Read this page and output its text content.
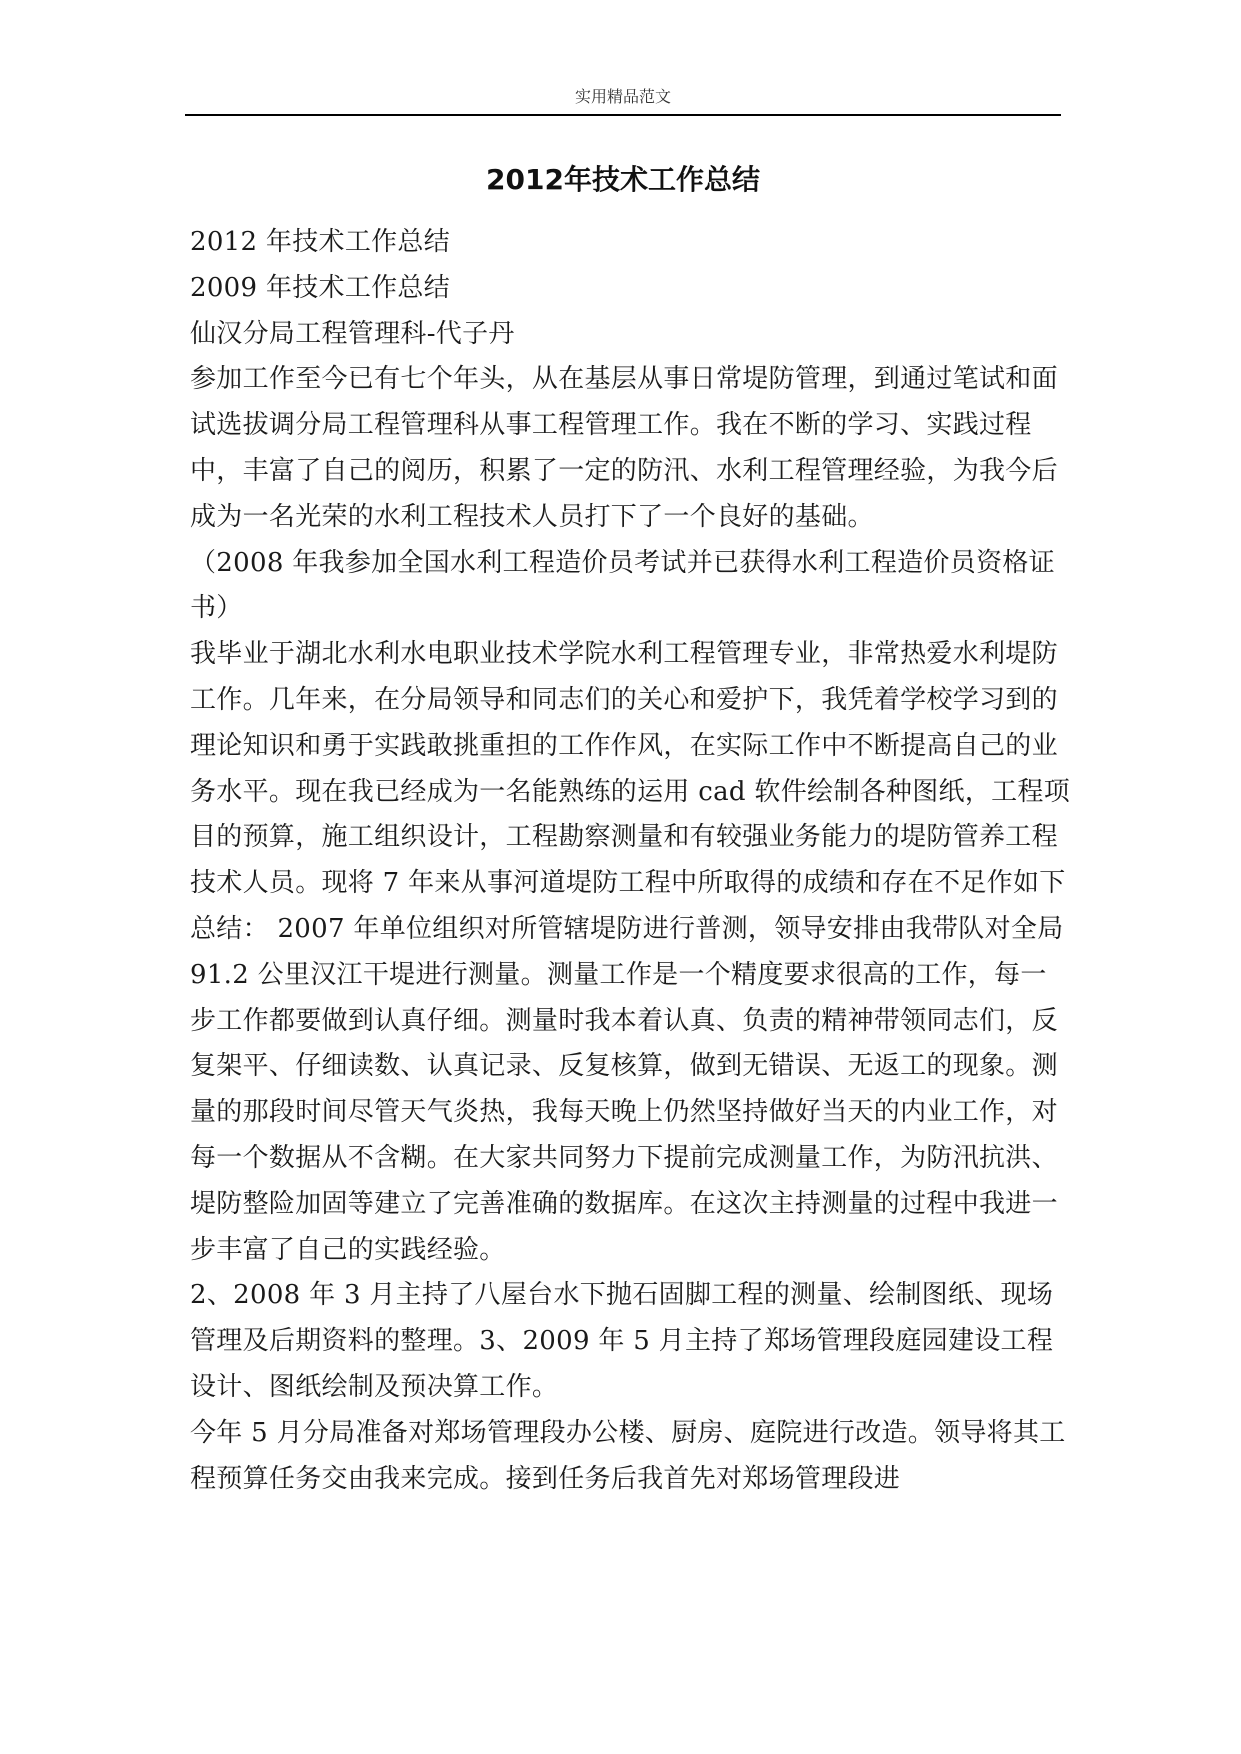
实用精品范文
2012年技术工作总结

2012 年技术工作总结

2009 年技术工作总结

仙汉分局工程管理科-代子丹

参加工作至今已有七个年头，从在基层从事日常堤防管理，到通过笔试和面试选拔调分局工程管理科从事工程管理工作。我在不断的学习、实践过程中，丰富了自己的阅历，积累了一定的防汛、水利工程管理经验，为我今后成为一名光荣的水利工程技术人员打下了一个良好的基础。

（2008 年我参加全国水利工程造价员考试并已获得水利工程造价员资格证书）

我毕业于湖北水利水电职业技术学院水利工程管理专业，非常热爱水利堤防工作。几年来，在分局领导和同志们的关心和爱护下，我凭着学校学习到的理论知识和勇于实践敢挑重担的工作作风，在实际工作中不断提高自己的业务水平。现在我已经成为一名能熟练的运用 cad 软件绘制各种图纸，工程项目的预算，施工组织设计，工程勘察测量和有较强业务能力的堤防管养工程技术人员。现将 7 年来从事河道堤防工程中所取得的成绩和存在不足作如下总结： 2007 年单位组织对所管辖堤防进行普测，领导安排由我带队对全局 91.2 公里汉江干堤进行测量。测量工作是一个精度要求很高的工作，每一步工作都要做到认真仔细。测量时我本着认真、负责的精神带领同志们，反复架平、仔细读数、认真记录、反复核算，做到无错误、无返工的现象。测量的那段时间尽管天气炎热，我每天晚上仍然坚持做好当天的内业工作，对每一个数据从不含糊。在大家共同努力下提前完成测量工作，为防汛抗洪、堤防整险加固等建立了完善准确的数据库。在这次主持测量的过程中我进一步丰富了自己的实践经验。

2、2008 年 3 月主持了八屋台水下抛石固脚工程的测量、绘制图纸、现场管理及后期资料的整理。3、2009 年 5 月主持了郑场管理段庭园建设工程设计、图纸绘制及预决算工作。

今年 5 月分局准备对郑场管理段办公楼、厨房、庭院进行改造。领导将其工程预算任务交由我来完成。接到任务后我首先对郑场管理段进
